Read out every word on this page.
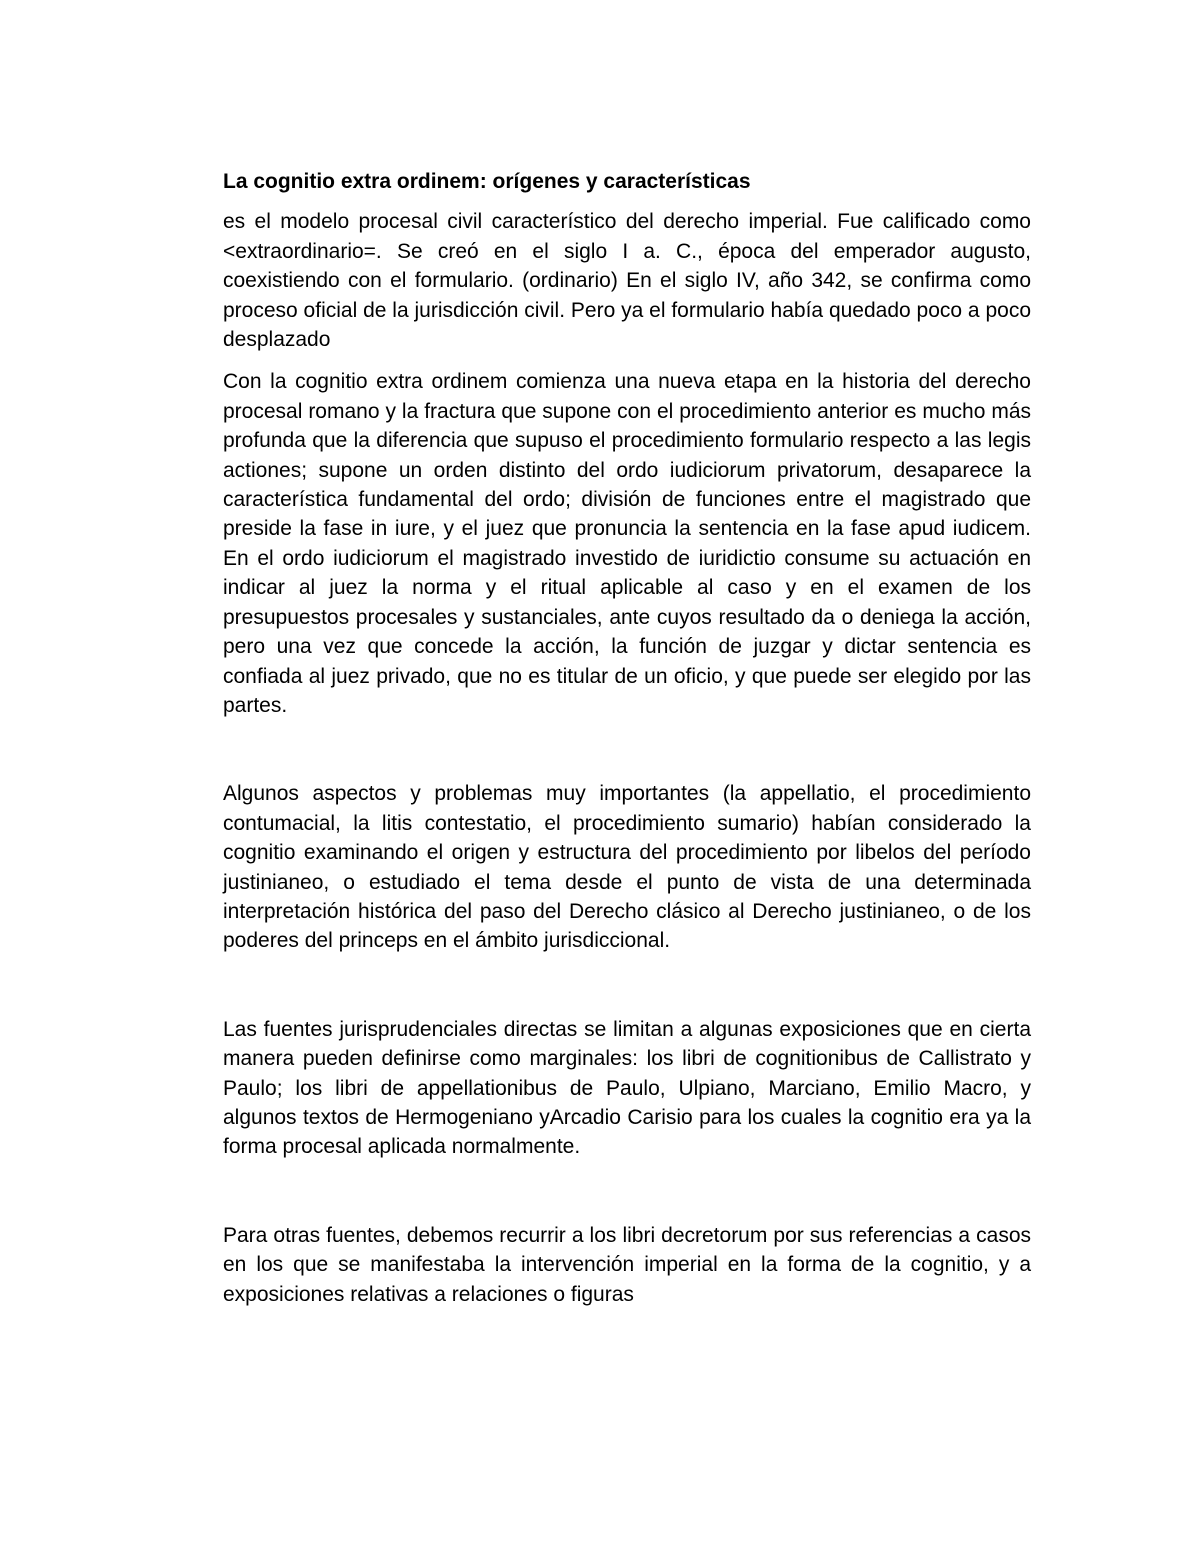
La cognitio extra ordinem: orígenes y características

es el modelo procesal civil característico del derecho imperial. Fue calificado como <extraordinario=. Se creó en el siglo I a. C., época del emperador augusto, coexistiendo con el formulario. (ordinario) En el siglo IV, año 342, se confirma como proceso oficial de la jurisdicción civil. Pero ya el formulario había quedado poco a poco desplazado

Con la cognitio extra ordinem comienza una nueva etapa en la historia del derecho procesal romano y la fractura que supone con el procedimiento anterior es mucho más profunda que la diferencia que supuso el procedimiento formulario respecto a las legis actiones; supone un orden distinto del ordo iudiciorum privatorum, desaparece la característica fundamental del ordo; división de funciones entre el magistrado que preside la fase in iure, y el juez que pronuncia la sentencia en la fase apud iudicem. En el ordo iudiciorum el magistrado investido de iuridictio consume su actuación en indicar al juez la norma y el ritual aplicable al caso y en el examen de los presupuestos procesales y sustanciales, ante cuyos resultado da o deniega la acción, pero una vez que concede la acción, la función de juzgar y dictar sentencia es confiada al juez privado, que no es titular de un oficio, y que puede ser elegido por las partes.

Algunos aspectos y problemas muy importantes (la appellatio, el procedimiento contumacial, la litis contestatio, el procedimiento sumario) habían considerado la cognitio examinando el origen y estructura del procedimiento por libelos del período justinianeo, o estudiado el tema desde el punto de vista de una determinada interpretación histórica del paso del Derecho clásico al Derecho justinianeo, o de los poderes del princeps en el ámbito jurisdiccional.

Las fuentes jurisprudenciales directas se limitan a algunas exposiciones que en cierta manera pueden definirse como marginales: los libri de cognitionibus de Callistrato y Paulo; los libri de appellationibus de Paulo, Ulpiano, Marciano, Emilio Macro, y algunos textos de Hermogeniano yArcadio Carisio para los cuales la cognitio era ya la forma procesal aplicada normalmente.

Para otras fuentes, debemos recurrir a los libri decretorum por sus referencias a casos en los que se manifestaba la intervención imperial en la forma de la cognitio, y a exposiciones relativas a relaciones o figuras
